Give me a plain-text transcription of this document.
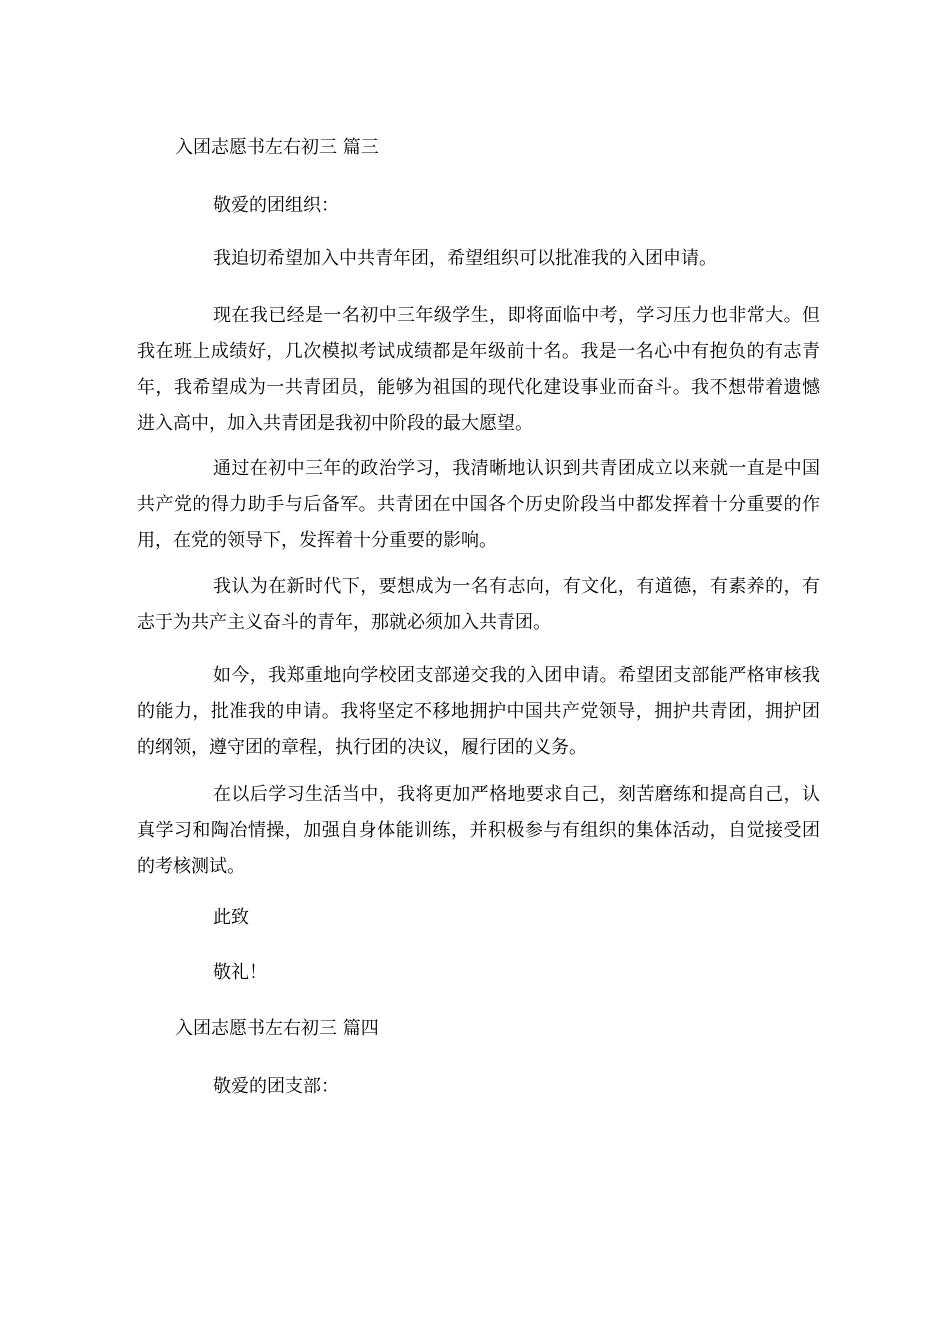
入团志愿书左右初三 篇三
敬爱的团组织：

我迫切希望加入中共青年团，希望组织可以批准我的入团申请。

现在我已经是一名初中三年级学生，即将面临中考，学习压力也非常大。但我在班上成绩好，几次模拟考试成绩都是年级前十名。我是一名心中有抱负的有志青年，我希望成为一共青团员，能够为祖国的现代化建设事业而奋斗。我不想带着遗憾进入高中，加入共青团是我初中阶段的最大愿望。

通过在初中三年的政治学习，我清晰地认识到共青团成立以来就一直是中国共产党的得力助手与后备军。共青团在中国各个历史阶段当中都发挥着十分重要的作用，在党的领导下，发挥着十分重要的影响。

我认为在新时代下，要想成为一名有志向，有文化，有道德，有素养的，有志于为共产主义奋斗的青年，那就必须加入共青团。

如今，我郑重地向学校团支部递交我的入团申请。希望团支部能严格审核我的能力，批准我的申请。我将坚定不移地拥护中国共产党领导，拥护共青团，拥护团的纲领，遵守团的章程，执行团的决议，履行团的义务。

在以后学习生活当中，我将更加严格地要求自己，刻苦磨练和提高自己，认真学习和陶冶情操，加强自身体能训练，并积极参与有组织的集体活动，自觉接受团的考核测试。

此致
敬礼！
入团志愿书左右初三 篇四
敬爱的团支部：
